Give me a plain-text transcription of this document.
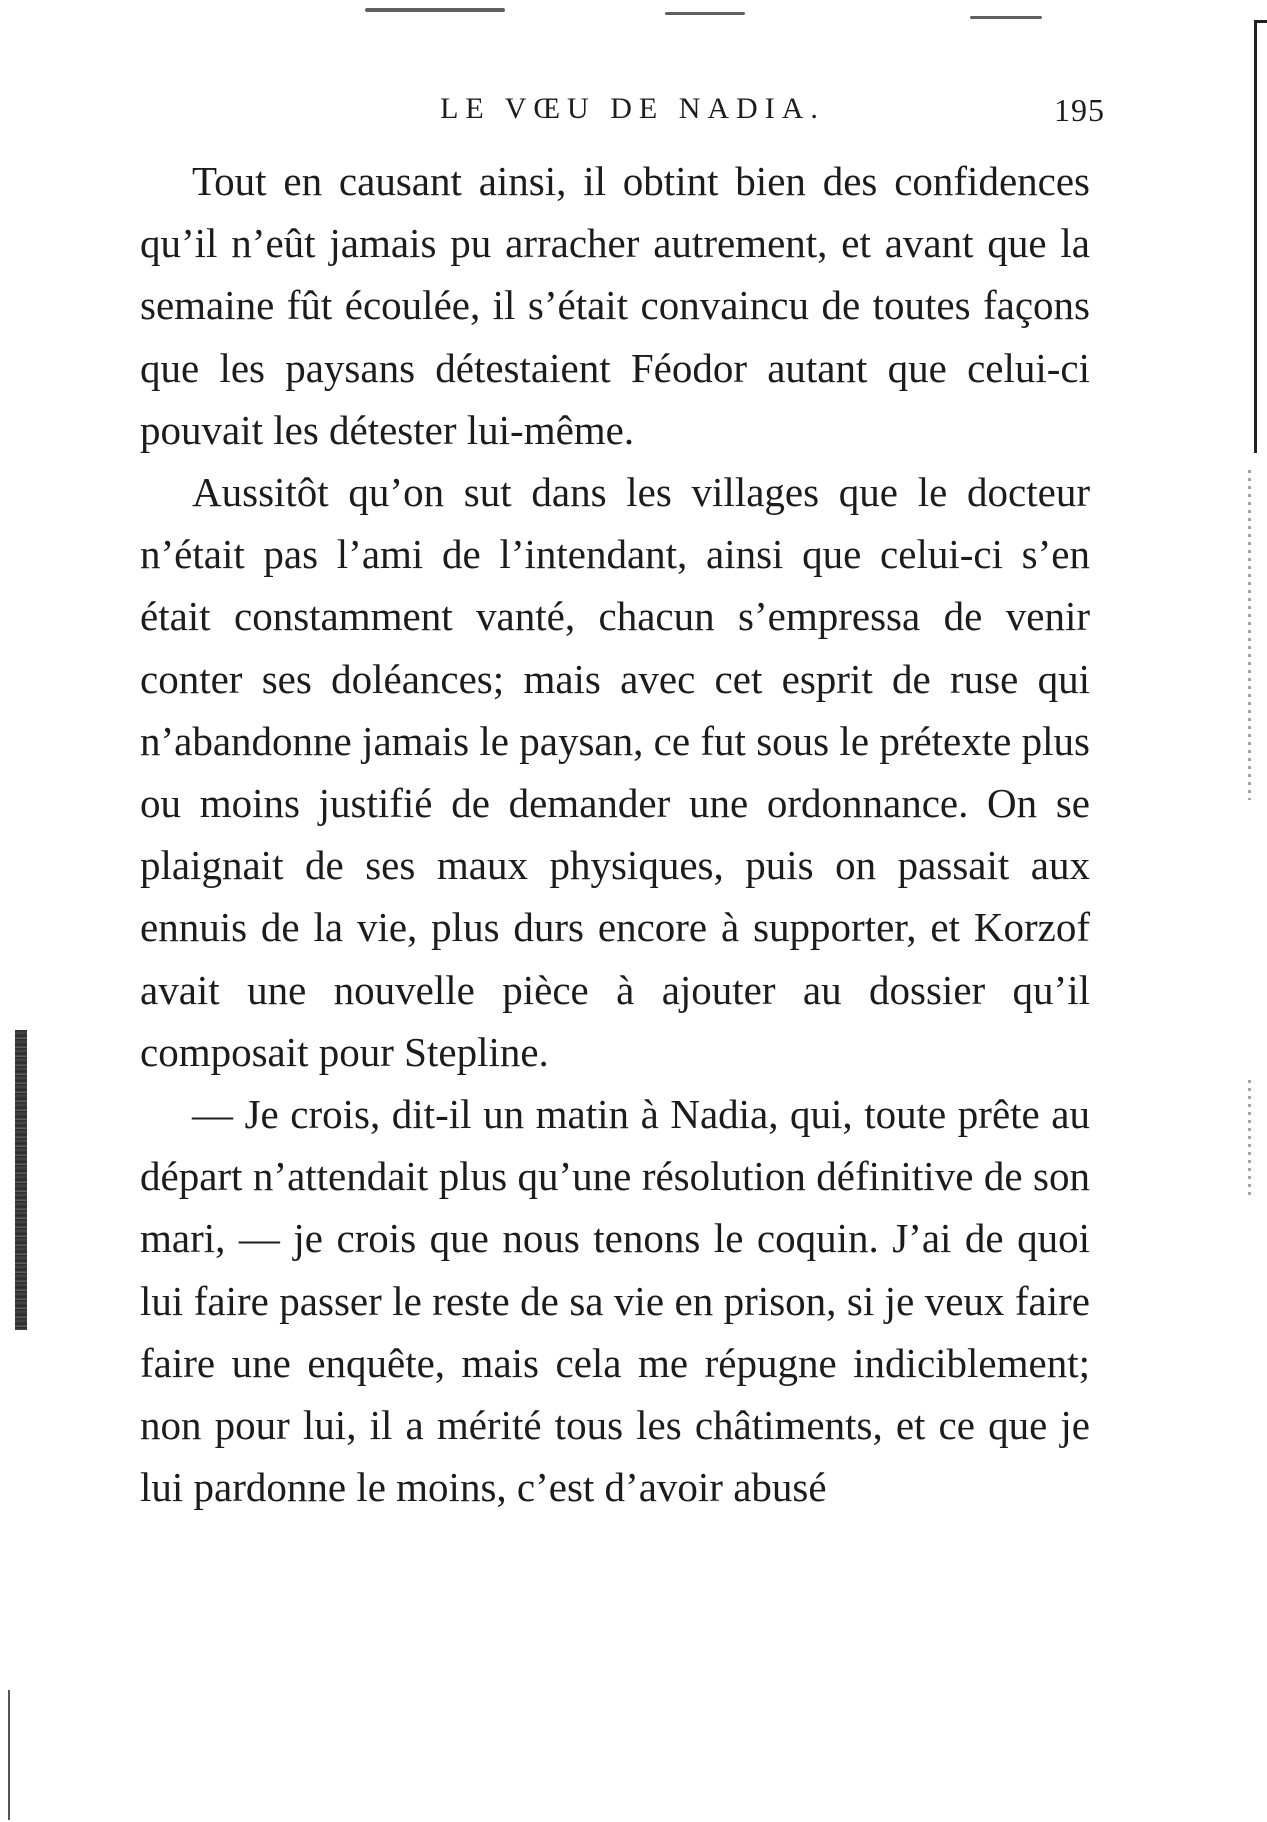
LE VŒU DE NADIA.	195

Tout en causant ainsi, il obtint bien des confidences qu’il n’eût jamais pu arracher autrement, et avant que la semaine fût écoulée, il s’était convaincu de toutes façons que les paysans détestaient Féodor autant que celui-ci pouvait les détester lui-même.

Aussitôt qu’on sut dans les villages que le docteur n’était pas l’ami de l’intendant, ainsi que celui-ci s’en était constamment vanté, chacun s’empressa de venir conter ses doléances; mais avec cet esprit de ruse qui n’abandonne jamais le paysan, ce fut sous le prétexte plus ou moins justifié de demander une ordonnance. On se plaignait de ses maux physiques, puis on passait aux ennuis de la vie, plus durs encore à supporter, et Korzof avait une nouvelle pièce à ajouter au dossier qu’il composait pour Stepline.

— Je crois, dit-il un matin à Nadia, qui, toute prête au départ n’attendait plus qu’une résolution définitive de son mari, — je crois que nous tenons le coquin. J’ai de quoi lui faire passer le reste de sa vie en prison, si je veux faire faire une enquête, mais cela me répugne indiciblement; non pour lui, il a mérité tous les châtiments, et ce que je lui pardonne le moins, c’est d’avoir abusé
